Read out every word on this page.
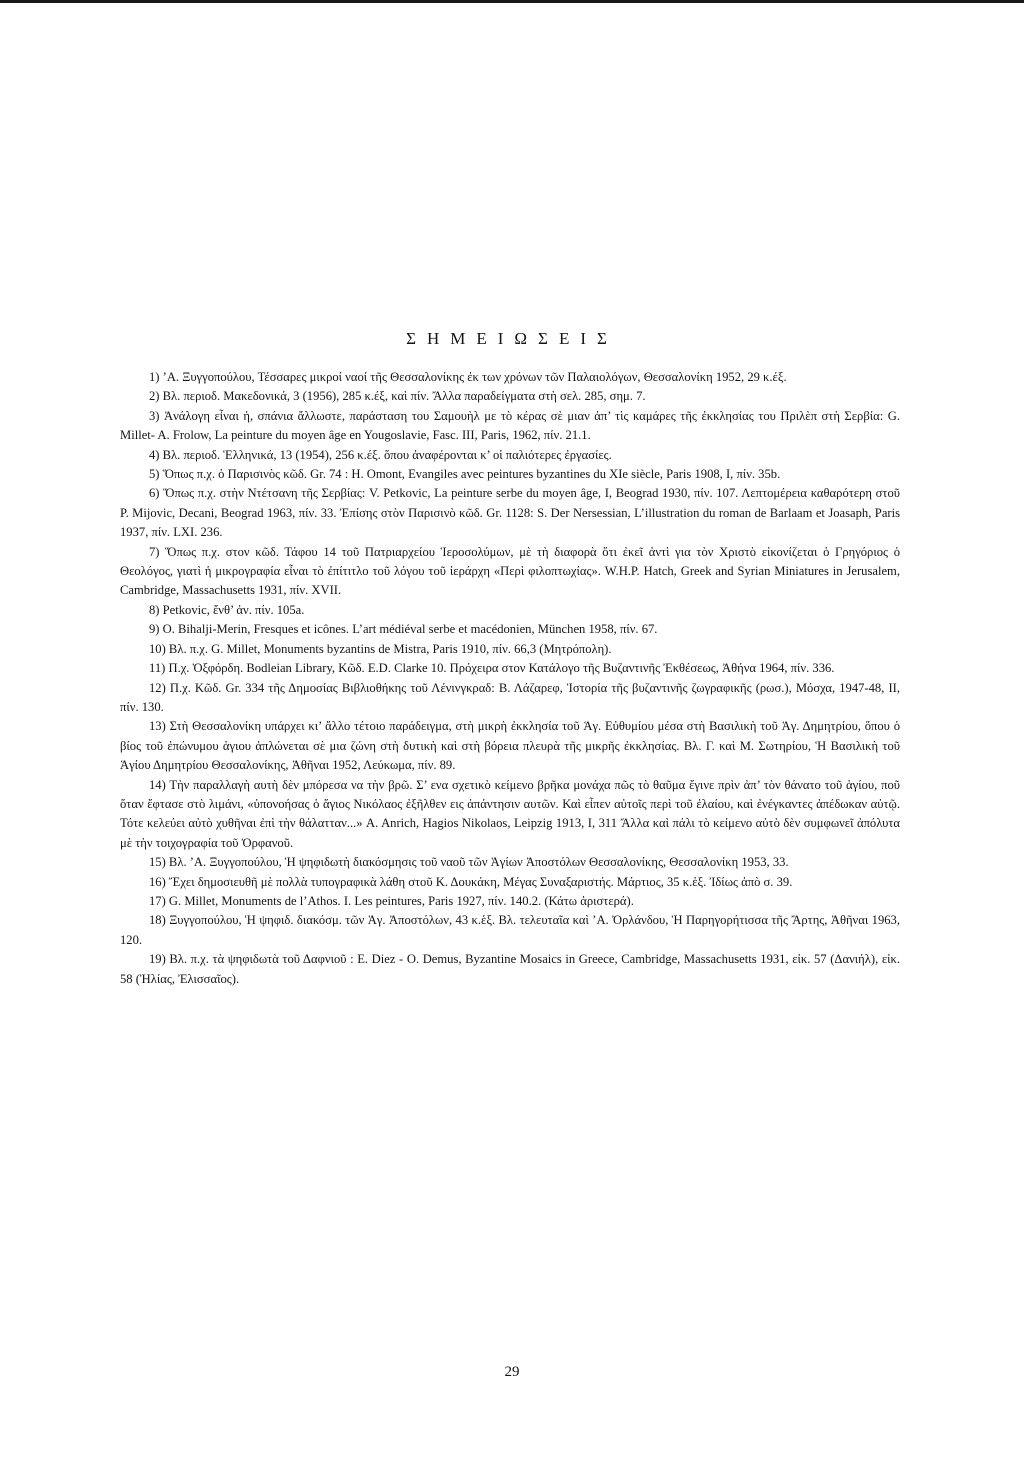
ΣΗΜΕΙΩΣΕΙΣ

1) ’Α. Ξυγγοπούλου, Τέσσαρες μικροί ναοί τῆς Θεσσαλονίκης ἐκ των χρόνων τῶν Παλαιολόγων, Θεσσαλονίκη 1952, 29 κ.έξ.

2) Βλ. περιοδ. Μακεδονικά, 3 (1956), 285 κ.έξ, καὶ πίν. Ἄλλα παραδείγματα στὴ σελ. 285, σημ. 7.

3) Ἀνάλογη εἶναι ἡ, σπάνια ἄλλωστε, παράσταση του Σαμουὴλ με τὸ κέρας σὲ μιαν ἀπ’ τὶς καμάρες τῆς ἐκκλησίας του Πριλὲπ στὴ Σερβία: G. Millet- A. Frolow, La peinture du moyen âge en Yougoslavie, Fasc. III, Paris, 1962, πίν. 21.1.

4) Βλ. περιοδ. Ἑλληνικά, 13 (1954), 256 κ.έξ. ὅπου ἀναφέρονται κ’ οἱ παλιότερες ἐργασίες.

5) Ὅπως π.χ. ὁ Παρισινὸς κῶδ. Gr. 74 : Η. Omont, Evangiles avec peintures byzantines du XIe siècle, Paris 1908, I, πίν. 35b.

6) Ὅπως π.χ. στὴν Ντέτσανη τῆς Σερβίας: V. Petkovic, La peinture serbe du moyen âge, I, Beograd 1930, πίν. 107. Λεπτομέρεια καθαρότερη στοῦ P. Mijovic, Decani, Beograd 1963, πίν. 33. Ἐπίσης στὸν Παρισινὸ κῶδ. Gr. 1128: S. Der Nersessian, L’illustration du roman de Barlaam et Joasaph, Paris 1937, πίν. LXI. 236.

7) Ὅπως π.χ. στον κῶδ. Τάφου 14 τοῦ Πατριαρχείου Ἱεροσολύμων, μὲ τὴ διαφορὰ ὅτι ἐκεῖ ἀντὶ για τὸν Χριστὸ εἰκονίζεται ὁ Γρηγόριος ὁ Θεολόγος, γιατὶ ἡ μικρογραφία εἶναι τὸ ἐπίτιτλο τοῦ λόγου τοῦ ἱεράρχη «Περὶ φιλοπτωχίας». W.H.P. Hatch, Greek and Syrian Miniatures in Jerusalem, Cambridge, Massachusetts 1931, πίν. XVII.

8) Petkovic, ἔνθ’ ἀν. πίν. 105a.

9) O. Bihalji-Merin, Fresques et icônes. L’art médiéval serbe et macédonien, München 1958, πίν. 67.

10) Βλ. π.χ. G. Millet, Monuments byzantins de Mistra, Paris 1910, πίν. 66,3 (Μητρόπολη).

11) Π.χ. Ὀξφόρδη. Bodleian Library, Κῶδ. E.D. Clarke 10. Πρόχειρα στον Κατάλογο τῆς Βυζαντινῆς Ἐκθέσεως, Ἀθήνα 1964, πίν. 336.

12) Π.χ. Κῶδ. Gr. 334 τῆς Δημοσίας Βιβλιοθήκης τοῦ Λένινγκραδ: Β. Λάζαρεφ, Ἱστορία τῆς βυζαντινῆς ζωγραφικῆς (ρωσ.), Μόσχα, 1947-48, II, πίν. 130.

13) Στὴ Θεσσαλονίκη υπάρχει κι’ ἄλλο τέτοιο παράδειγμα, στὴ μικρὴ ἐκκλησία τοῦ Ἁγ. Εὐθυμίου μέσα στὴ Βασιλικὴ τοῦ Ἁγ. Δημητρίου, ὅπου ὁ βίος τοῦ ἐπώνυμου ἁγιου ἀπλώνεται σὲ μια ζώνη στὴ δυτικὴ καὶ στὴ βόρεια πλευρὰ τῆς μικρῆς ἐκκλησίας. Βλ. Γ. καὶ Μ. Σωτηρίου, Ἡ Βασιλικὴ τοῦ Ἁγίου Δημητρίου Θεσσαλονίκης, Ἀθῆναι 1952, Λεύκωμα, πίν. 89.

14) Τὴν παραλλαγὴ αυτὴ δὲν μπόρεσα να τὴν βρῶ. Σ’ ενα σχετικὸ κείμενο βρῆκα μονάχα πῶς τὸ θαῦμα ἔγινε πρὶν ἀπ’ τὸν θάνατο τοῦ ἁγίου, ποῦ ὅταν ἔφτασε στὸ λιμάνι, «ὑπονοήσας ὁ ἅγιος Νικόλαος ἐξῆλθεν εις ἀπάντησιν αυτῶν. Καὶ εἶπεν αὐτοῖς περὶ τοῦ ἐλαίου, καὶ ἐνέγκαντες ἀπέδωκαν αὐτῷ. Τότε κελεύει αὐτὸ χυθῆναι ἐπὶ τὴν θάλατταν...» A. Anrich, Hagios Nikolaos, Leipzig 1913, I, 311 Ἄλλα καὶ πάλι τὸ κείμενο αὐτὸ δὲν συμφωνεῖ ἀπόλυτα μὲ τὴν τοιχογραφία τοῦ Ὀρφανοῦ.

15) Βλ. ’Α. Ξυγγοπούλου, Ἡ ψηφιδωτὴ διακόσμησις τοῦ ναοῦ τῶν Ἁγίων Ἀποστόλων Θεσσαλονίκης, Θεσσαλονίκη 1953, 33.

16) Ἔχει δημοσιευθῆ μὲ πολλὰ τυπογραφικὰ λάθη στοῦ Κ. Δουκάκη, Μέγας Συναξαριστής. Μάρτιος, 35 κ.ἑξ. Ἰδίως ἀπὸ σ. 39.

17) G. Millet, Monuments de l’Athos. I. Les peintures, Paris 1927, πίν. 140.2. (Κάτω ἀριστερά).

18) Ξυγγοπούλου, Ἡ ψηφιδ. διακόσμ. τῶν Ἁγ. Ἀποστόλων, 43 κ.ἑξ. Βλ. τελευταῖα καὶ ’Α. Ὀρλάνδου, Ἡ Παρηγορήτισσα τῆς Ἄρτης, Ἀθῆναι 1963, 120.

19) Βλ. π.χ. τὰ ψηφιδωτὰ τοῦ Δαφνιοῦ : E. Diez - O. Demus, Byzantine Mosaics in Greece, Cambridge, Massachusetts 1931, εἰκ. 57 (Δανιήλ), εἰκ. 58 (Ἠλίας, Ἐλισσαῖος).

29
